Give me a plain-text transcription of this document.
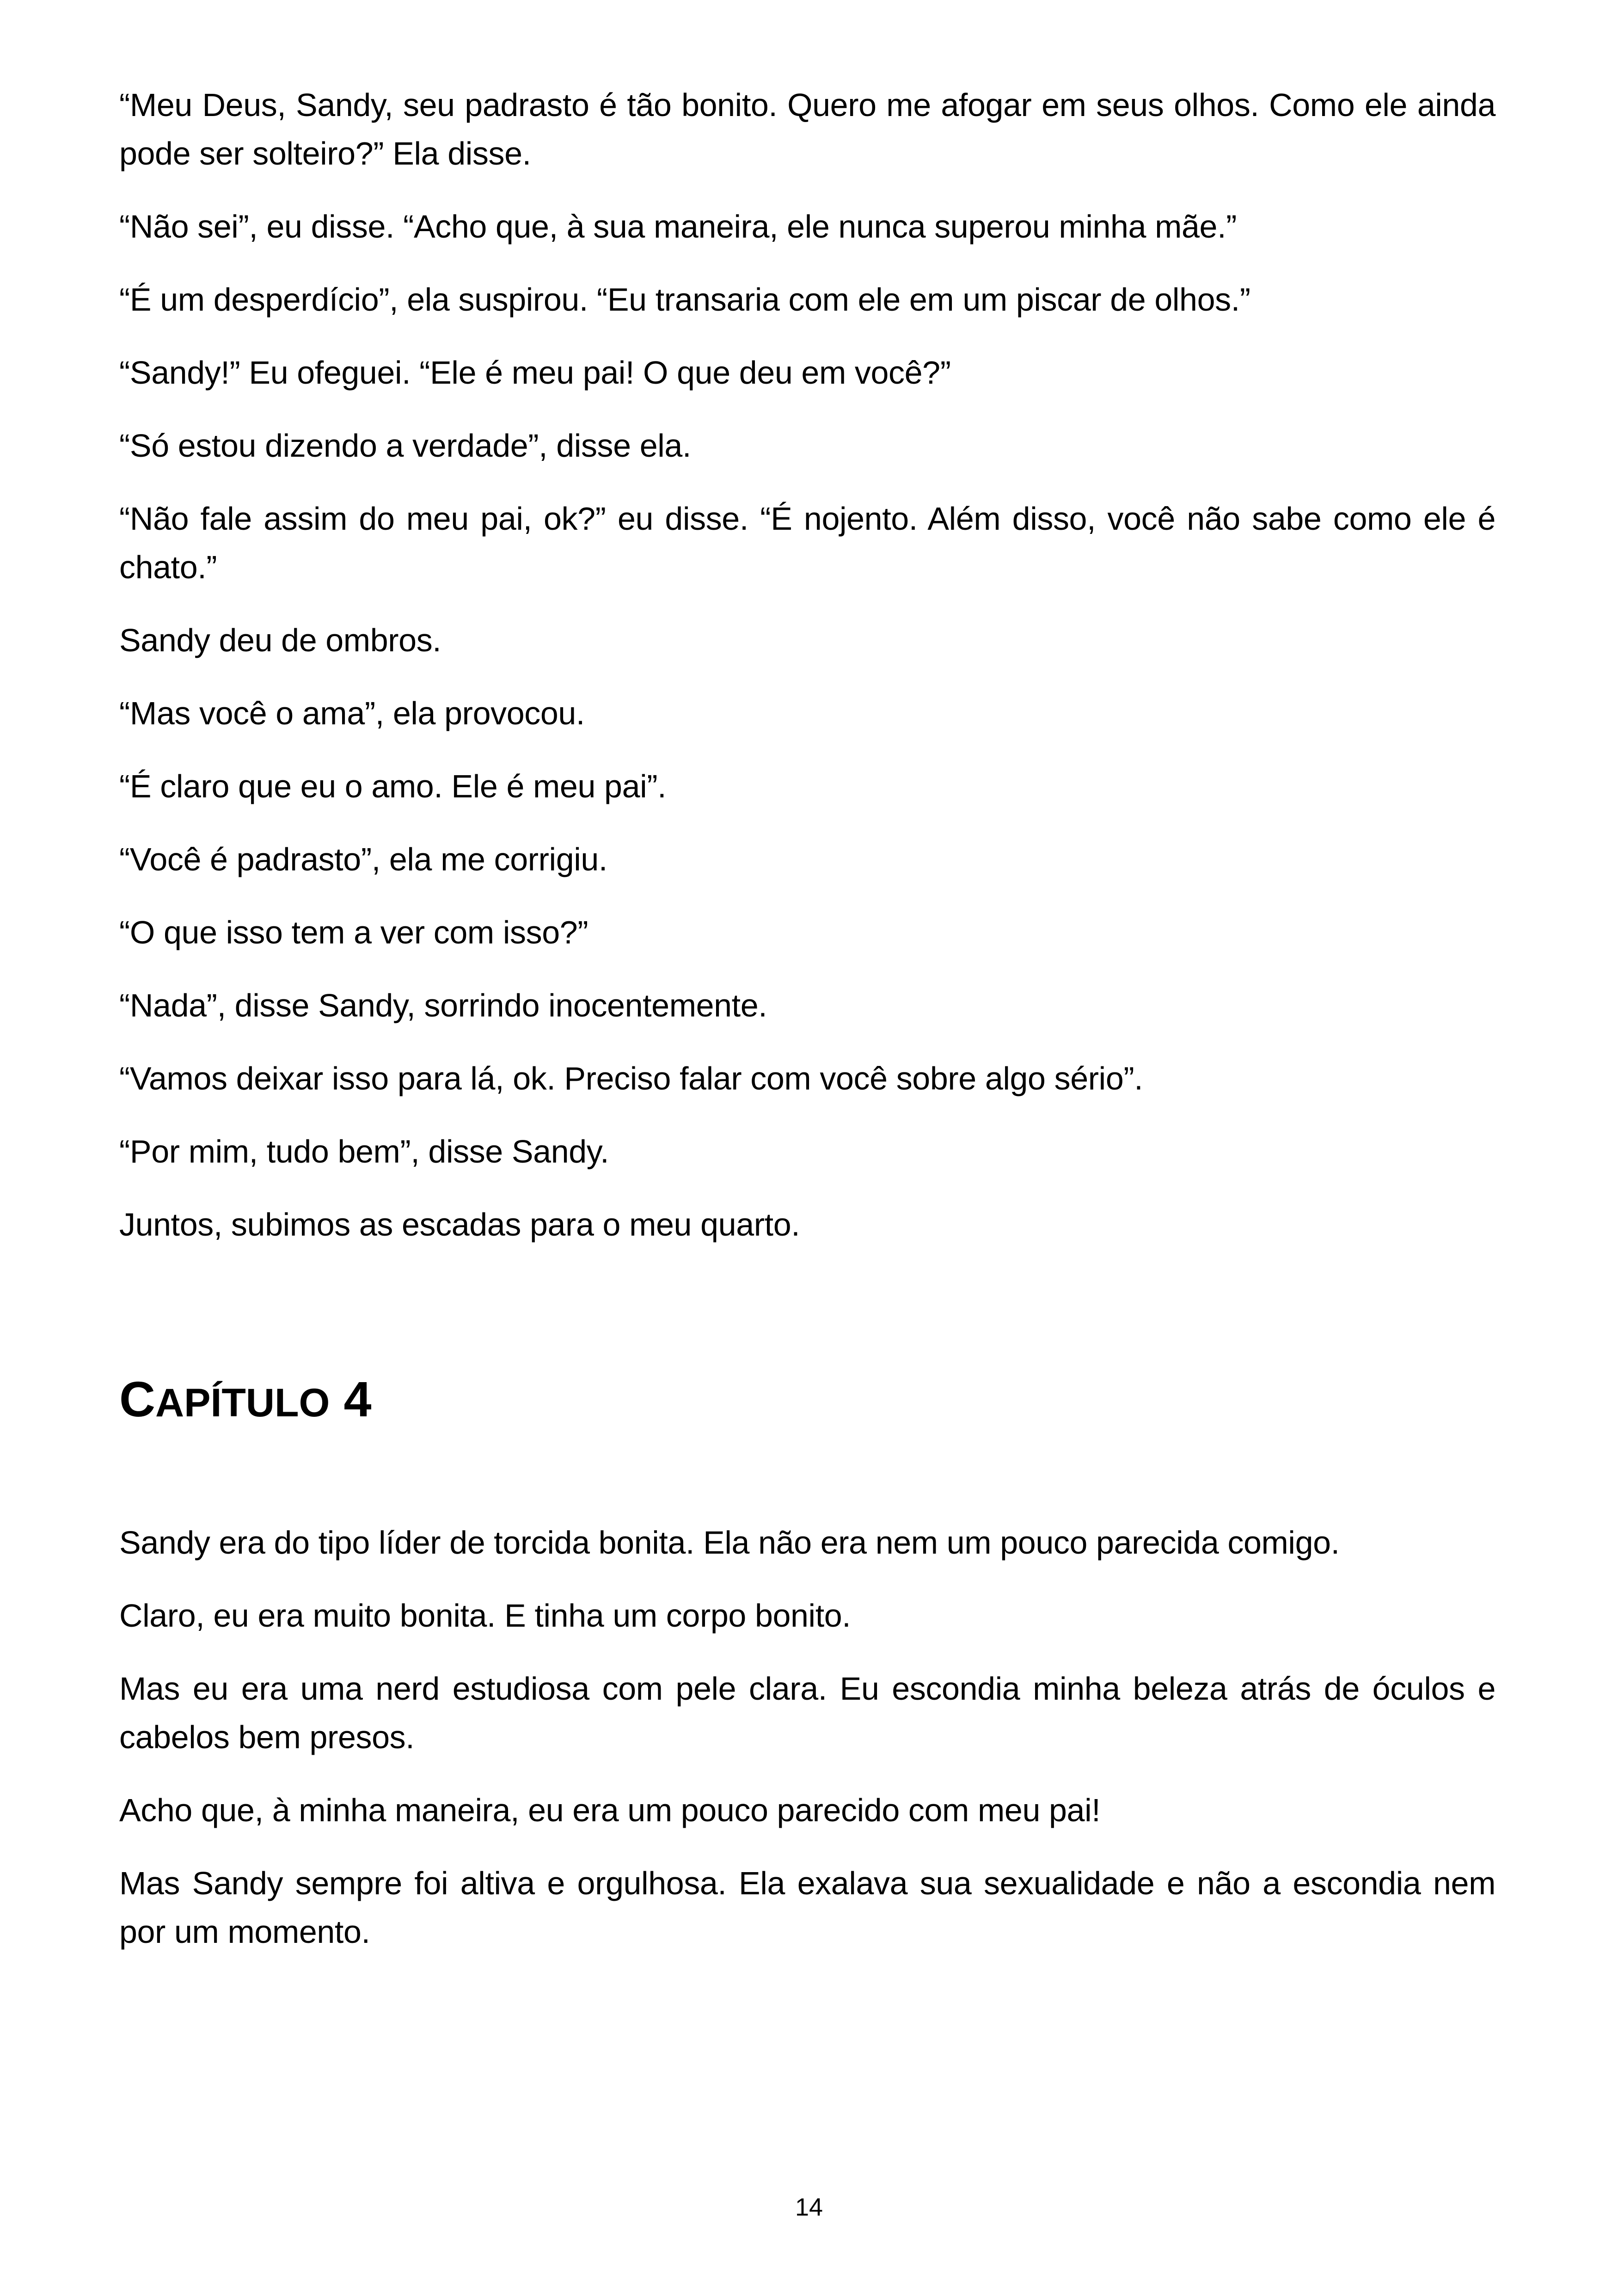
“Meu Deus, Sandy, seu padrasto é tão bonito. Quero me afogar em seus olhos. Como ele ainda pode ser solteiro?” Ela disse.

“Não sei”, eu disse. “Acho que, à sua maneira, ele nunca superou minha mãe.”

“É um desperdício”, ela suspirou. “Eu transaria com ele em um piscar de olhos.”

“Sandy!” Eu ofeguei. “Ele é meu pai! O que deu em você?”

“Só estou dizendo a verdade”, disse ela.

“Não fale assim do meu pai, ok?” eu disse. “É nojento. Além disso, você não sabe como ele é chato.”

Sandy deu de ombros.

“Mas você o ama”, ela provocou.

“É claro que eu o amo. Ele é meu pai”.

“Você é padrasto”, ela me corrigiu.

“O que isso tem a ver com isso?”

“Nada”, disse Sandy, sorrindo inocentemente.

“Vamos deixar isso para lá, ok. Preciso falar com você sobre algo sério”.

“Por mim, tudo bem”, disse Sandy.

Juntos, subimos as escadas para o meu quarto.

CAPÍTULO 4

Sandy era do tipo líder de torcida bonita. Ela não era nem um pouco parecida comigo.

Claro, eu era muito bonita. E tinha um corpo bonito.

Mas eu era uma nerd estudiosa com pele clara. Eu escondia minha beleza atrás de óculos e cabelos bem presos.

Acho que, à minha maneira, eu era um pouco parecido com meu pai!

Mas Sandy sempre foi altiva e orgulhosa. Ela exalava sua sexualidade e não a escondia nem por um momento.

14
